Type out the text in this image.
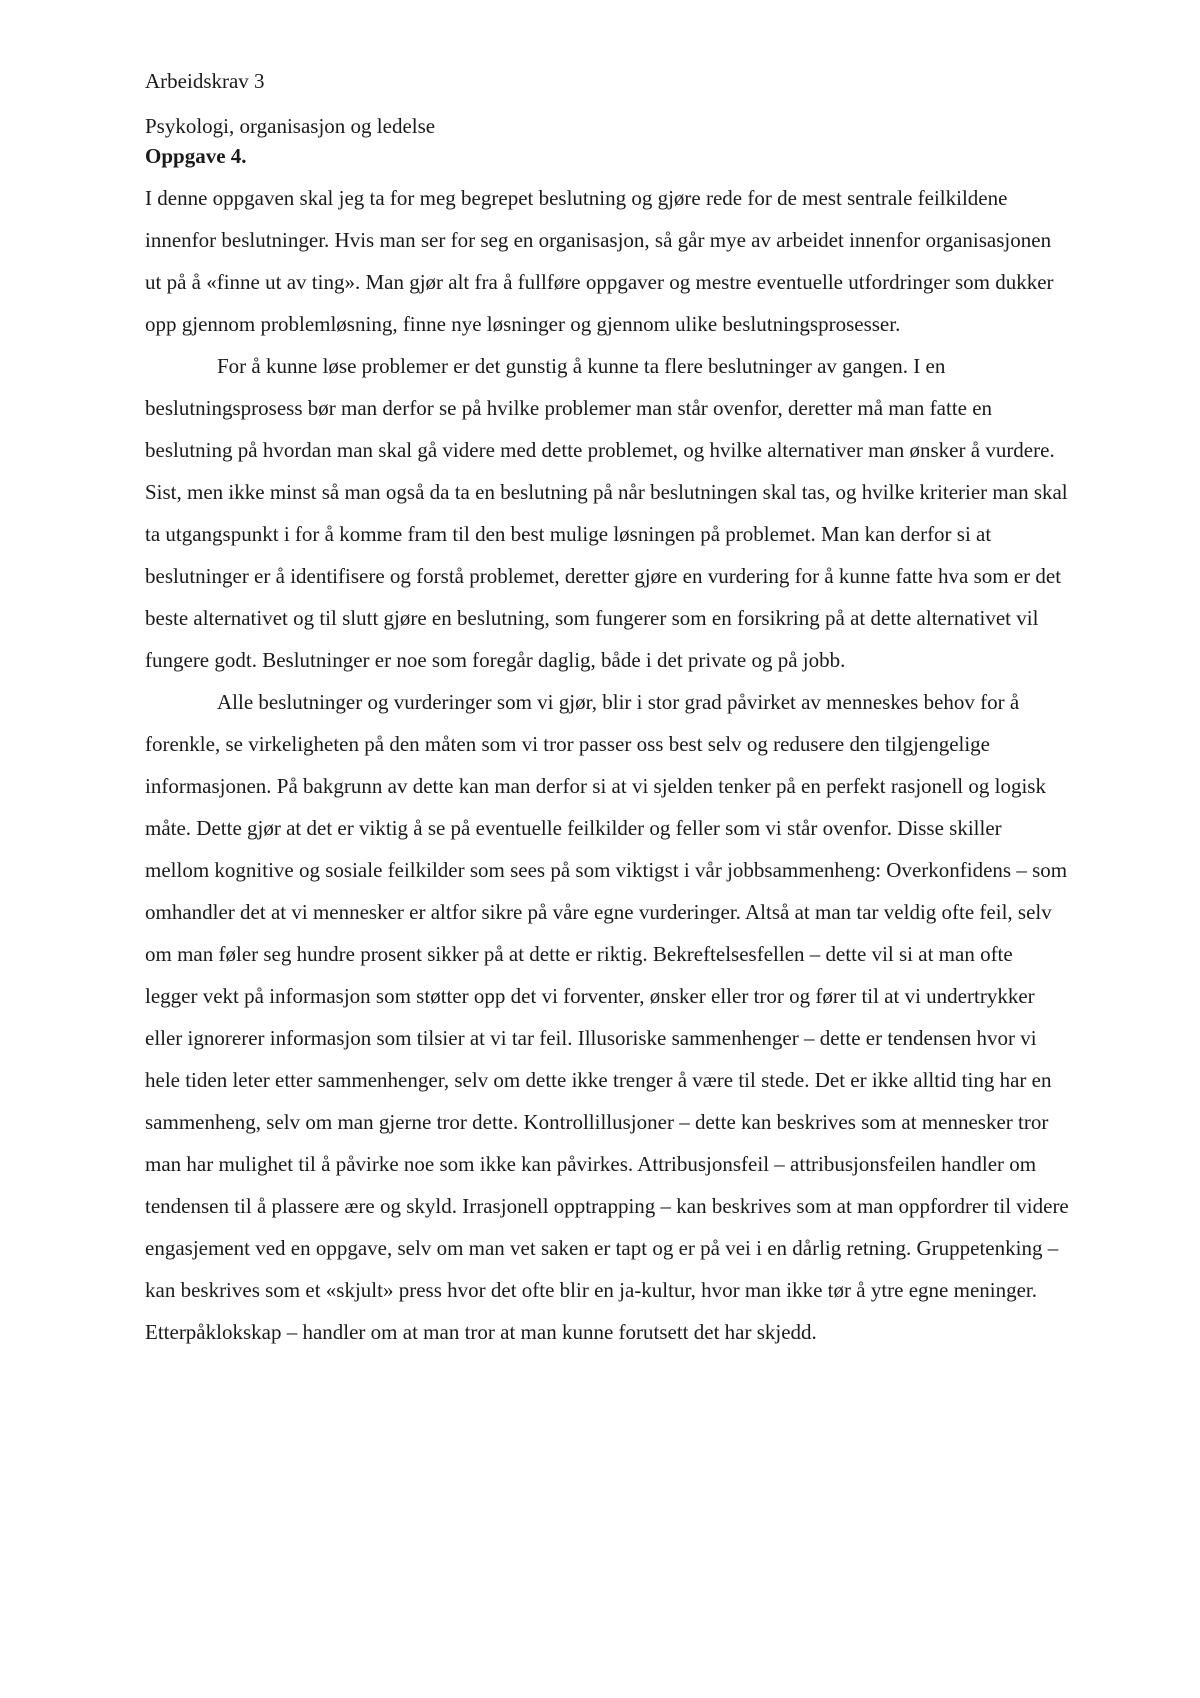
Arbeidskrav 3

Psykologi, organisasjon og ledelse

Oppgave 4.

I denne oppgaven skal jeg ta for meg begrepet beslutning og gjøre rede for de mest sentrale feilkildene innenfor beslutninger. Hvis man ser for seg en organisasjon, så går mye av arbeidet innenfor organisasjonen ut på å «finne ut av ting». Man gjør alt fra å fullføre oppgaver og mestre eventuelle utfordringer som dukker opp gjennom problemløsning, finne nye løsninger og gjennom ulike beslutningsprosesser.

For å kunne løse problemer er det gunstig å kunne ta flere beslutninger av gangen. I en beslutningsprosess bør man derfor se på hvilke problemer man står ovenfor, deretter må man fatte en beslutning på hvordan man skal gå videre med dette problemet, og hvilke alternativer man ønsker å vurdere. Sist, men ikke minst så man også da ta en beslutning på når beslutningen skal tas, og hvilke kriterier man skal ta utgangspunkt i for å komme fram til den best mulige løsningen på problemet. Man kan derfor si at beslutninger er å identifisere og forstå problemet, deretter gjøre en vurdering for å kunne fatte hva som er det beste alternativet og til slutt gjøre en beslutning, som fungerer som en forsikring på at dette alternativet vil fungere godt. Beslutninger er noe som foregår daglig, både i det private og på jobb.

Alle beslutninger og vurderinger som vi gjør, blir i stor grad påvirket av menneskes behov for å forenkle, se virkeligheten på den måten som vi tror passer oss best selv og redusere den tilgjengelige informasjonen. På bakgrunn av dette kan man derfor si at vi sjelden tenker på en perfekt rasjonell og logisk måte. Dette gjør at det er viktig å se på eventuelle feilkilder og feller som vi står ovenfor. Disse skiller mellom kognitive og sosiale feilkilder som sees på som viktigst i vår jobbsammenheng: Overkonfidens – som omhandler det at vi mennesker er altfor sikre på våre egne vurderinger. Altså at man tar veldig ofte feil, selv om man føler seg hundre prosent sikker på at dette er riktig. Bekreftelsesfellen – dette vil si at man ofte legger vekt på informasjon som støtter opp det vi forventer, ønsker eller tror og fører til at vi undertrykker eller ignorerer informasjon som tilsier at vi tar feil. Illusoriske sammenhenger – dette er tendensen hvor vi hele tiden leter etter sammenhenger, selv om dette ikke trenger å være til stede. Det er ikke alltid ting har en sammenheng, selv om man gjerne tror dette. Kontrollillusjoner – dette kan beskrives som at mennesker tror man har mulighet til å påvirke noe som ikke kan påvirkes. Attribusjonsfeil – attribusjonsfeilen handler om tendensen til å plassere ære og skyld. Irrasjonell opptrapping – kan beskrives som at man oppfordrer til videre engasjement ved en oppgave, selv om man vet saken er tapt og er på vei i en dårlig retning. Gruppetenking – kan beskrives som et «skjult» press hvor det ofte blir en ja-kultur, hvor man ikke tør å ytre egne meninger. Etterpåklokskap – handler om at man tror at man kunne forutsett det har skjedd.
